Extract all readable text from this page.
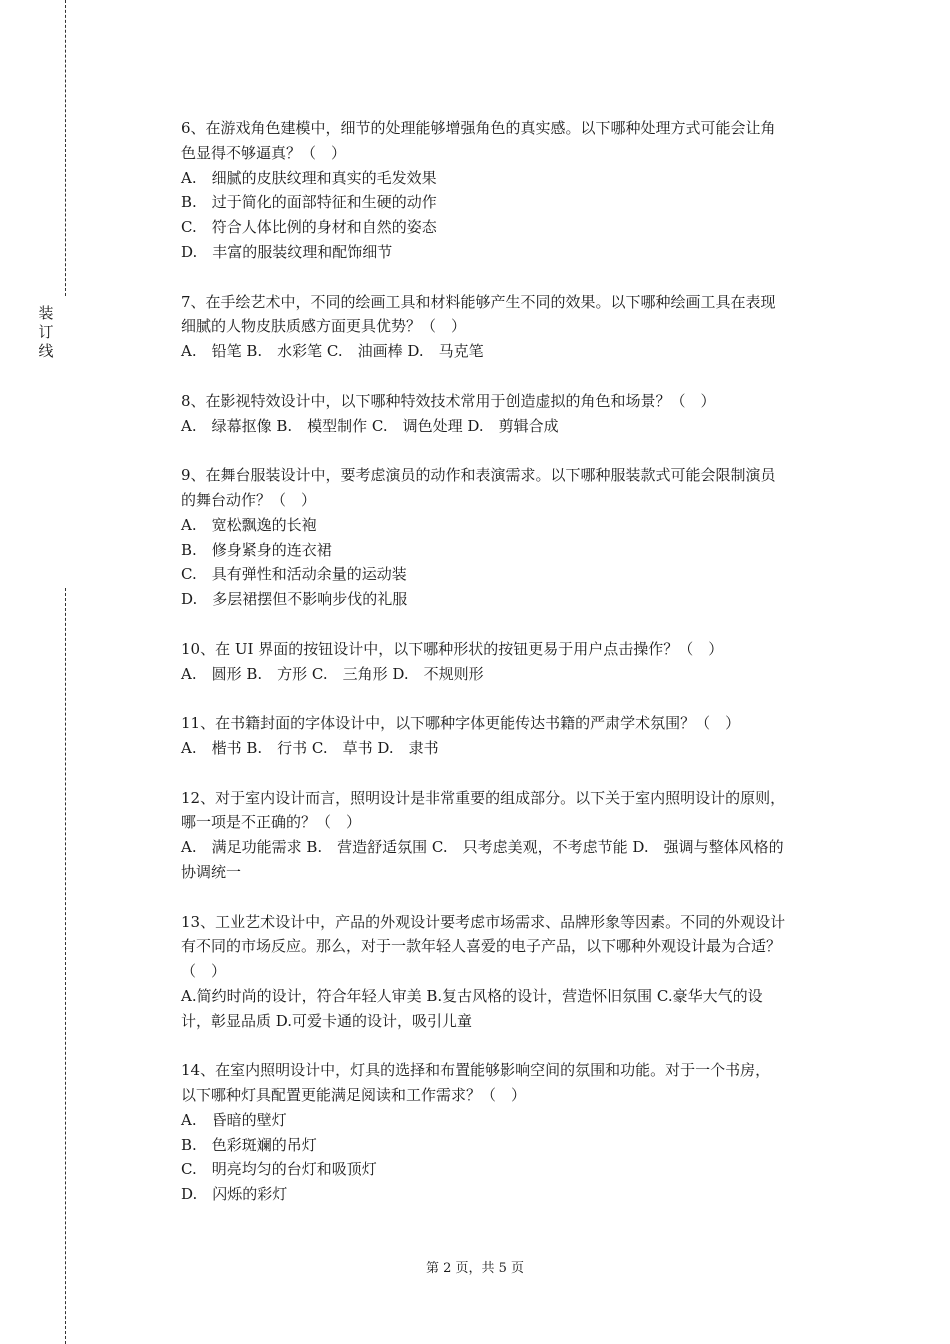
装
订
线
6、在游戏角色建模中，细节的处理能够增强角色的真实感。以下哪种处理方式可能会让角
色显得不够逼真？（　）
A.　细腻的皮肤纹理和真实的毛发效果
B.　过于简化的面部特征和生硬的动作
C.　符合人体比例的身材和自然的姿态
D.　丰富的服装纹理和配饰细节
7、在手绘艺术中，不同的绘画工具和材料能够产生不同的效果。以下哪种绘画工具在表现
细腻的人物皮肤质感方面更具优势？（　）
A.　铅笔 B.　水彩笔 C.　油画棒 D.　马克笔
8、在影视特效设计中，以下哪种特效技术常用于创造虚拟的角色和场景？（　）
A.　绿幕抠像 B.　模型制作 C.　调色处理 D.　剪辑合成
9、在舞台服装设计中，要考虑演员的动作和表演需求。以下哪种服装款式可能会限制演员
的舞台动作？（　）
A.　宽松飘逸的长袍
B.　修身紧身的连衣裙
C.　具有弹性和活动余量的运动装
D.　多层裙摆但不影响步伐的礼服
10、在 UI 界面的按钮设计中，以下哪种形状的按钮更易于用户点击操作？（　）
A.　圆形 B.　方形 C.　三角形 D.　不规则形
11、在书籍封面的字体设计中，以下哪种字体更能传达书籍的严肃学术氛围？（　）
A.　楷书 B.　行书 C.　草书 D.　隶书
12、对于室内设计而言，照明设计是非常重要的组成部分。以下关于室内照明设计的原则，
哪一项是不正确的？（　）
A.　满足功能需求 B.　营造舒适氛围 C.　只考虑美观，不考虑节能 D.　强调与整体风格的
协调统一
13、工业艺术设计中，产品的外观设计要考虑市场需求、品牌形象等因素。不同的外观设计
有不同的市场反应。那么，对于一款年轻人喜爱的电子产品，以下哪种外观设计最为合适？
（　）
A.简约时尚的设计，符合年轻人审美 B.复古风格的设计，营造怀旧氛围 C.豪华大气的设
计，彰显品质 D.可爱卡通的设计，吸引儿童
14、在室内照明设计中，灯具的选择和布置能够影响空间的氛围和功能。对于一个书房，
以下哪种灯具配置更能满足阅读和工作需求？（　）
A.　昏暗的壁灯
B.　色彩斑斓的吊灯
C.　明亮均匀的台灯和吸顶灯
D.　闪烁的彩灯
第 2 页，共 5 页
